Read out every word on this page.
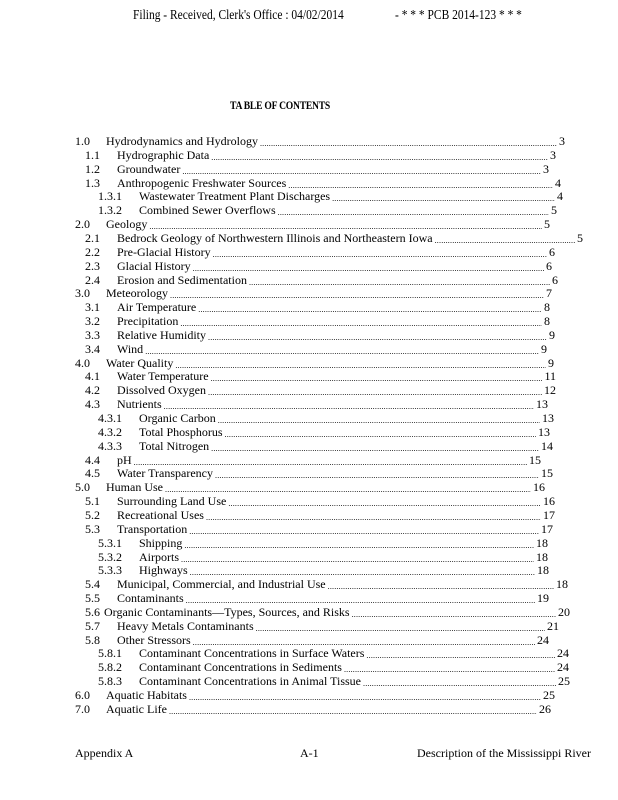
Filing - Received, Clerk's Office : 04/02/2014	- * * * PCB 2014-123 * * *
TA BLE OF CONTENTS
1.0	Hydrodynamics and Hydrology .....	3
1.1	Hydrographic Data .....	3
1.2	Groundwater .....	3
1.3	Anthropogenic Freshwater Sources .....	4
1.3.1	Wastewater Treatment Plant Discharges .....	4
1.3.2	Combined Sewer Overflows .....	5
2.0	Geology .....	5
2.1	Bedrock Geology of Northwestern Illinois and Northeastern Iowa .....	5
2.2	Pre-Glacial History .....	6
2.3	Glacial History .....	6
2.4	Erosion and Sedimentation .....	6
3.0	Meteorology .....	7
3.1	Air Temperature .....	8
3.2	Precipitation .....	8
3.3	Relative Humidity .....	9
3.4	Wind .....	9
4.0	Water Quality .....	9
4.1	Water Temperature .....	11
4.2	Dissolved Oxygen .....	12
4.3	Nutrients .....	13
4.3.1	Organic Carbon .....	13
4.3.2	Total Phosphorus .....	13
4.3.3	Total Nitrogen .....	14
4.4	pH .....	15
4.5	Water Transparency .....	15
5.0	Human Use .....	16
5.1	Surrounding Land Use .....	16
5.2	Recreational Uses .....	17
5.3	Transportation .....	17
5.3.1	Shipping .....	18
5.3.2	Airports .....	18
5.3.3	Highways .....	18
5.4	Municipal, Commercial, and Industrial Use .....	18
5.5	Contaminants .....	19
5.6 Organic Contaminants—Types, Sources, and Risks .....	20
5.7	Heavy Metals Contaminants .....	21
5.8	Other Stressors .....	24
5.8.1	Contaminant Concentrations in Surface Waters .....	24
5.8.2	Contaminant Concentrations in Sediments .....	24
5.8.3	Contaminant Concentrations in Animal Tissue .....	25
6.0	Aquatic Habitats .....	25
7.0	Aquatic Life .....	26
Appendix A	A-1	Description of the Mississippi River
